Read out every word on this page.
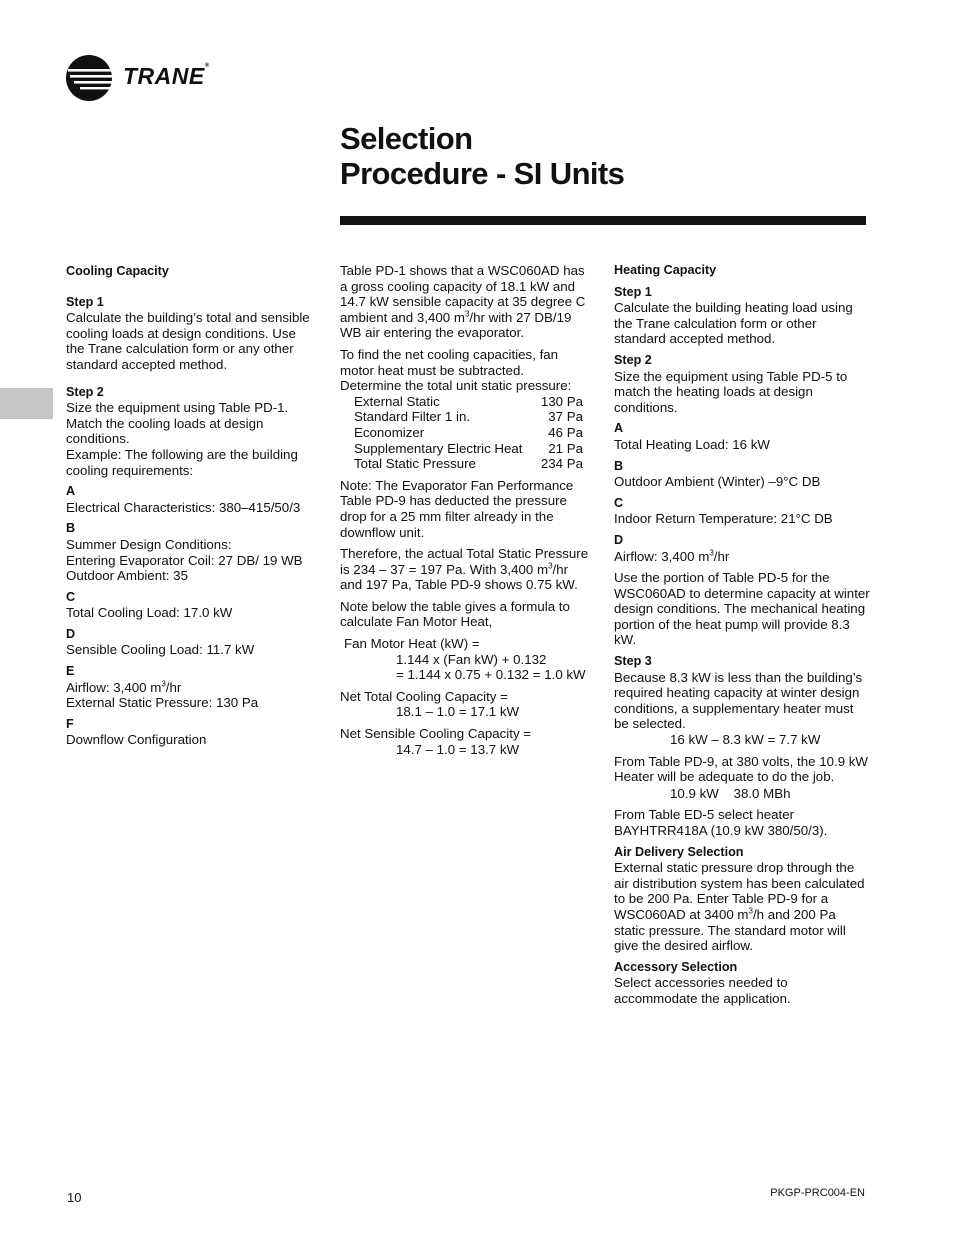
TRANE®
Selection
Procedure - SI Units

Cooling Capacity

Step 1
Calculate the building’s total and sensible cooling loads at design conditions. Use the Trane calculation form or any other standard accepted method.

Step 2
Size the equipment using Table PD-1. Match the cooling loads at design conditions.

Example: The following are the building cooling requirements:

A
Electrical Characteristics: 380–415/50/3

B
Summer Design Conditions:
Entering Evaporator Coil: 27 DB/ 19 WB
Outdoor Ambient: 35

C
Total Cooling Load: 17.0 kW

D
Sensible Cooling Load: 11.7 kW

E
Airflow: 3,400 $m^3/hr$
External Static Pressure: 130 Pa

F
Downflow Configuration

Table PD-1 shows that a WSC060AD has a gross cooling capacity of 18.1 kW and 14.7 kW sensible capacity at 35 degree C ambient and 3,400 $m^3/hr$ with 27 DB/19 WB air entering the evaporator.

To find the net cooling capacities, fan motor heat must be subtracted.

Determine the total unit static pressure:

External Static	130 Pa
Standard Filter 1 in.	37 Pa
Economizer	46 Pa
Supplementary Electric Heat 21 Pa
Total Static Pressure	234 Pa

Note: The Evaporator Fan Performance Table PD-9 has deducted the pressure drop for a 25 mm filter already in the downflow unit.

Therefore, the actual Total Static Pressure is 234 – 37 = 197 Pa. With 3,400 $m^3/hr$ and 197 Pa, Table PD-9 shows 0.75 kW.

Note below the table gives a formula to calculate Fan Motor Heat,

Fan Motor Heat (kW) =
1.144 x (Fan kW) + 0.132
= 1.144 x 0.75 + 0.132 = 1.0 kW

Net Total Cooling Capacity =
18.1 – 1.0 = 17.1 kW

Net Sensible Cooling Capacity =
14.7 – 1.0 = 13.7 kW

Heating Capacity

Step 1
Calculate the building heating load using the Trane calculation form or other standard accepted method.

Step 2
Size the equipment using Table PD-5 to match the heating loads at design conditions.

A
Total Heating Load: 16 kW

B
Outdoor Ambient (Winter) –9°C DB

C
Indoor Return Temperature: 21°C DB

D
Airflow: 3,400 $m^3/hr$

Use the portion of Table PD-5 for the WSC060AD to determine capacity at winter design conditions. The mechanical heating portion of the heat pump will provide 8.3 kW.

Step 3
Because 8.3 kW is less than the building’s required heating capacity at winter design conditions, a supplementary heater must be selected.
16 kW – 8.3 kW = 7.7 kW

From Table PD-9, at 380 volts, the 10.9 kW Heater will be adequate to do the job.

10.9 kW    38.0 MBh

From Table ED-5 select heater BAYHTRR418A (10.9 kW 380/50/3).

Air Delivery Selection
External static pressure drop through the air distribution system has been calculated to be 200 Pa. Enter Table PD-9 for a WSC060AD at 3400 $m^3/h$ and 200 Pa static pressure. The standard motor will give the desired airflow.

Accessory Selection
Select accessories needed to accommodate the application.

10	PKGP-PRC004-EN
